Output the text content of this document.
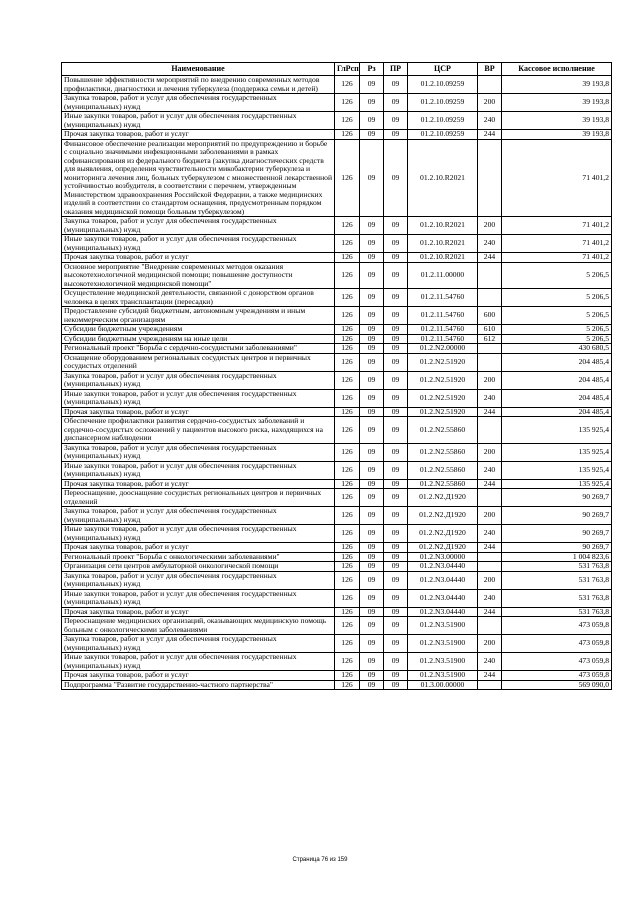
Наименование	ГлРсп	Рз	ПР	ЦСР	ВР	Кассовое исполнение
Повышение эффективности мероприятий по внедрению современных методов профилактики, диагностики и лечения туберкулеза (поддержка семьи и детей)	126	09	09	01.2.10.09259		39 193,8
Закупка товаров, работ и услуг для обеспечения государственных (муниципальных) нужд	126	09	09	01.2.10.09259	200	39 193,8
Иные закупки товаров, работ и услуг для обеспечения государственных (муниципальных) нужд	126	09	09	01.2.10.09259	240	39 193,8
Прочая закупка товаров, работ и услуг	126	09	09	01.2.10.09259	244	39 193,8
Финансовое обеспечение реализации мероприятий по предупреждению и борьбе с социально значимыми инфекционными заболеваниями в рамках софинансирования из федерального бюджета (закупка диагностических средств для выявления, определения чувствительности микобактерии туберкулеза и мониторинга лечения лиц, больных туберкулезом с множественной лекарственной устойчивостью возбудителя, в соответствии с перечнем, утвержденным Министерством здравоохранения Российской Федерации, а также медицинских изделий в соответствии со стандартом оснащения, предусмотренным порядком оказания медицинской помощи больным туберкулезом)	126	09	09	01.2.10.R2021		71 401,2
Закупка товаров, работ и услуг для обеспечения государственных (муниципальных) нужд	126	09	09	01.2.10.R2021	200	71 401,2
Иные закупки товаров, работ и услуг для обеспечения государственных (муниципальных) нужд	126	09	09	01.2.10.R2021	240	71 401,2
Прочая закупка товаров, работ и услуг	126	09	09	01.2.10.R2021	244	71 401,2
Основное мероприятие "Внедрение современных методов оказания высокотехнологичной медицинской помощи; повышение доступности высокотехнологичной медицинской помощи"	126	09	09	01.2.11.00000		5 206,5
Осуществление медицинской деятельности, связанной с донорством органов человека в целях трансплантации (пересадки)	126	09	09	01.2.11.54760		5 206,5
Предоставление субсидий бюджетным, автономным учреждениям и иным некоммерческим организациям	126	09	09	01.2.11.54760	600	5 206,5
Субсидии бюджетным учреждениям	126	09	09	01.2.11.54760	610	5 206,5
Субсидии бюджетным учреждениям на иные цели	126	09	09	01.2.11.54760	612	5 206,5
Региональный проект "Борьба с сердечно-сосудистыми заболеваниями"	126	09	09	01.2.N2.00000		430 680,5
Оснащение оборудованием региональных сосудистых центров и первичных сосудистых отделений	126	09	09	01.2.N2.51920		204 485,4
Закупка товаров, работ и услуг для обеспечения государственных (муниципальных) нужд	126	09	09	01.2.N2.51920	200	204 485,4
Иные закупки товаров, работ и услуг для обеспечения государственных (муниципальных) нужд	126	09	09	01.2.N2.51920	240	204 485,4
Прочая закупка товаров, работ и услуг	126	09	09	01.2.N2.51920	244	204 485,4
Обеспечение профилактики развития сердечно-сосудистых заболеваний и сердечно-сосудистых осложнений у пациентов высокого риска, находящихся на диспансерном наблюдении	126	09	09	01.2.N2.55860		135 925,4
Закупка товаров, работ и услуг для обеспечения государственных (муниципальных) нужд	126	09	09	01.2.N2.55860	200	135 925,4
Иные закупки товаров, работ и услуг для обеспечения государственных (муниципальных) нужд	126	09	09	01.2.N2.55860	240	135 925,4
Прочая закупка товаров, работ и услуг	126	09	09	01.2.N2.55860	244	135 925,4
Переоснащение, дооснащение сосудистых региональных центров и первичных отделений	126	09	09	01.2.N2.Д1920		90 269,7
Закупка товаров, работ и услуг для обеспечения государственных (муниципальных) нужд	126	09	09	01.2.N2.Д1920	200	90 269,7
Иные закупки товаров, работ и услуг для обеспечения государственных (муниципальных) нужд	126	09	09	01.2.N2.Д1920	240	90 269,7
Прочая закупка товаров, работ и услуг	126	09	09	01.2.N2.Д1920	244	90 269,7
Региональный проект "Борьба с онкологическими заболеваниями"	126	09	09	01.2.N3.00000		1 004 823,6
Организация сети центров амбулаторной онкологической помощи	126	09	09	01.2.N3.04440		531 763,8
Закупка товаров, работ и услуг для обеспечения государственных (муниципальных) нужд	126	09	09	01.2.N3.04440	200	531 763,8
Иные закупки товаров, работ и услуг для обеспечения государственных (муниципальных) нужд	126	09	09	01.2.N3.04440	240	531 763,8
Прочая закупка товаров, работ и услуг	126	09	09	01.2.N3.04440	244	531 763,8
Переоснащение медицинских организаций, оказывающих медицинскую помощь больным с онкологическими заболеваниями	126	09	09	01.2.N3.51900		473 059,8
Закупка товаров, работ и услуг для обеспечения государственных (муниципальных) нужд	126	09	09	01.2.N3.51900	200	473 059,8
Иные закупки товаров, работ и услуг для обеспечения государственных (муниципальных) нужд	126	09	09	01.2.N3.51900	240	473 059,8
Прочая закупка товаров, работ и услуг	126	09	09	01.2.N3.51900	244	473 059,8
Подпрограмма "Развитие государственно-частного партнерства"	126	09	09	01.3.00.00000		569 090,0
Страница 76 из 159
